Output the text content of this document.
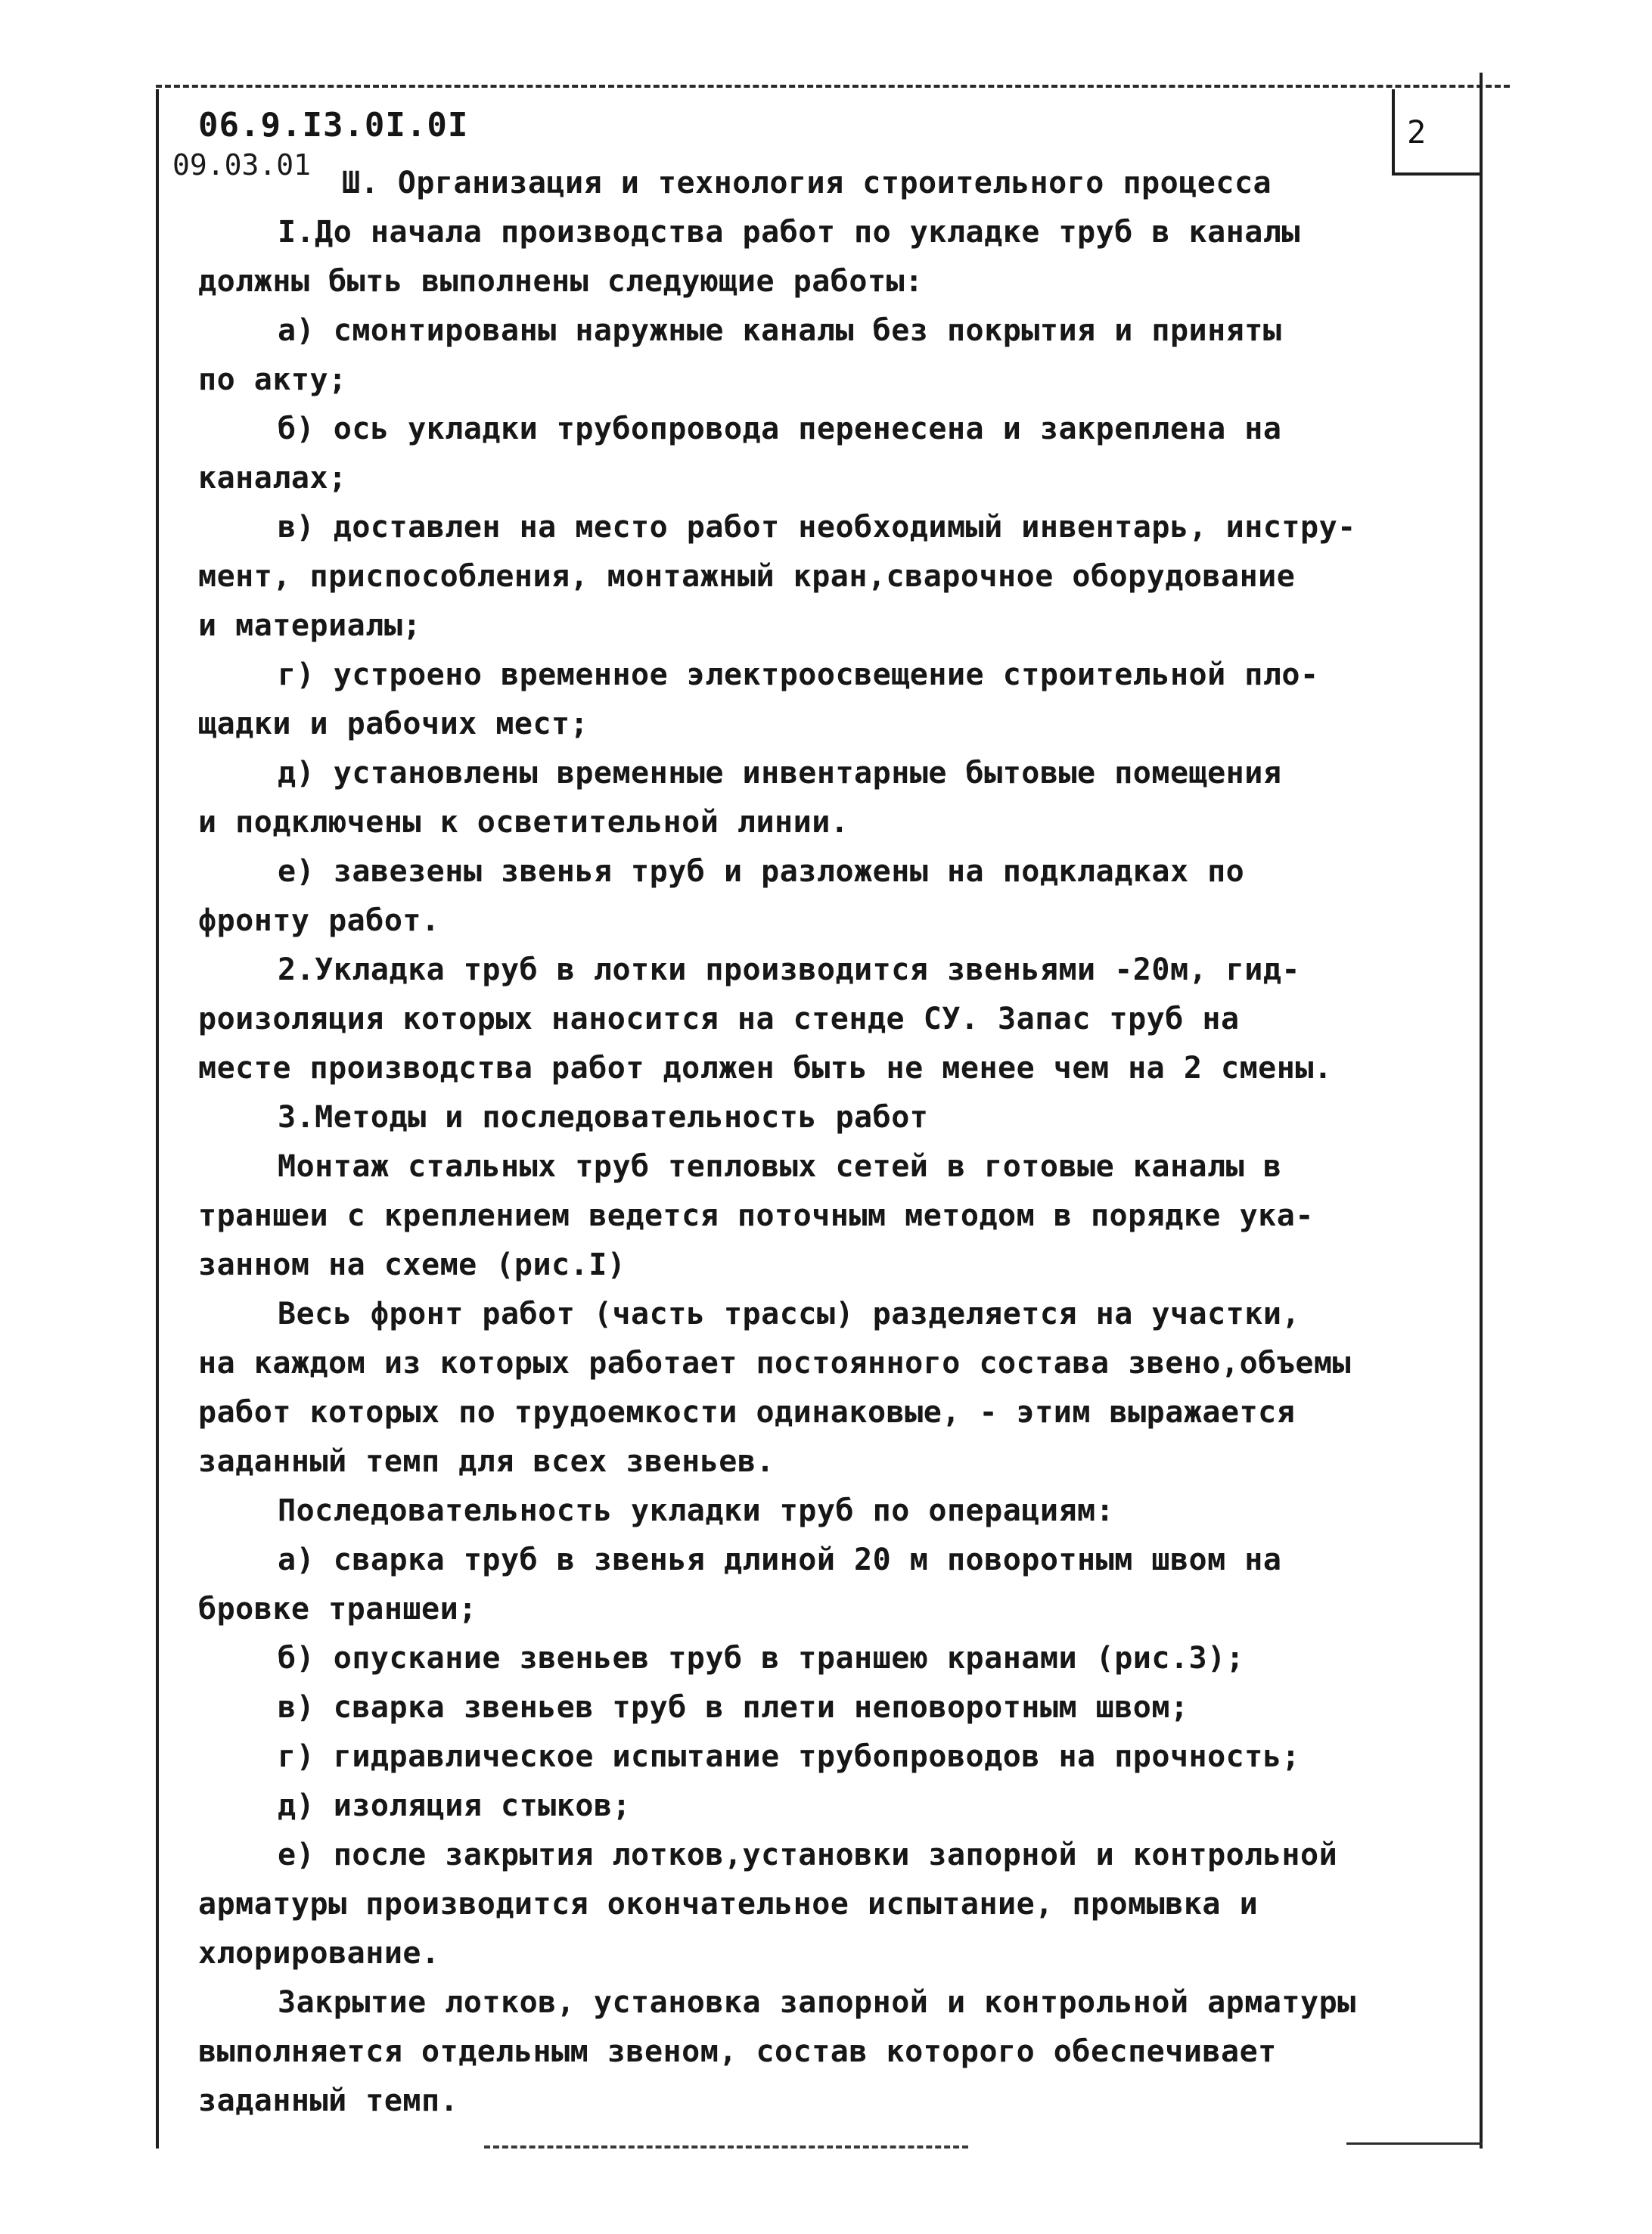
2
06.9.I3.0I.0I
09.03.01
Ш. Организация и технология строительного процесса
I.До начала производства работ по укладке труб в каналы
должны быть выполнены следующие работы:
а) смонтированы наружные каналы без покрытия и приняты
по акту;
б) ось укладки трубопровода перенесена и закреплена на
каналах;
в) доставлен на место работ необходимый инвентарь, инстру-
мент, приспособления, монтажный кран,сварочное оборудование
и материалы;
г) устроено временное электроосвещение строительной пло-
щадки и рабочих мест;
д) установлены временные инвентарные бытовые помещения
и подключены к осветительной линии.
е) завезены звенья труб и разложены на подкладках по
фронту работ.
2.Укладка труб в лотки производится звеньями -20м, гид-
роизоляция которых наносится на стенде СУ. Запас труб на
месте производства работ должен быть не менее чем на 2 смены.
3.Методы и последовательность работ
Монтаж стальных труб тепловых сетей в готовые каналы в
траншеи с креплением ведется поточным методом в порядке ука-
занном на схеме (рис.I)
Весь фронт работ (часть трассы) разделяется на участки,
на каждом из которых работает постоянного состава звено,объемы
работ которых по трудоемкости одинаковые, - этим выражается
заданный темп для всех звеньев.
Последовательность укладки труб по операциям:
а) сварка труб в звенья длиной 20 м поворотным швом на
бровке траншеи;
б) опускание звеньев труб в траншею кранами (рис.3);
в) сварка звеньев труб в плети неповоротным швом;
г) гидравлическое испытание трубопроводов на прочность;
д) изоляция стыков;
е) после закрытия лотков,установки запорной и контрольной
арматуры производится окончательное испытание, промывка и
хлорирование.
Закрытие лотков, установка запорной и контрольной арматуры
выполняется отдельным звеном, состав которого обеспечивает
заданный темп.
